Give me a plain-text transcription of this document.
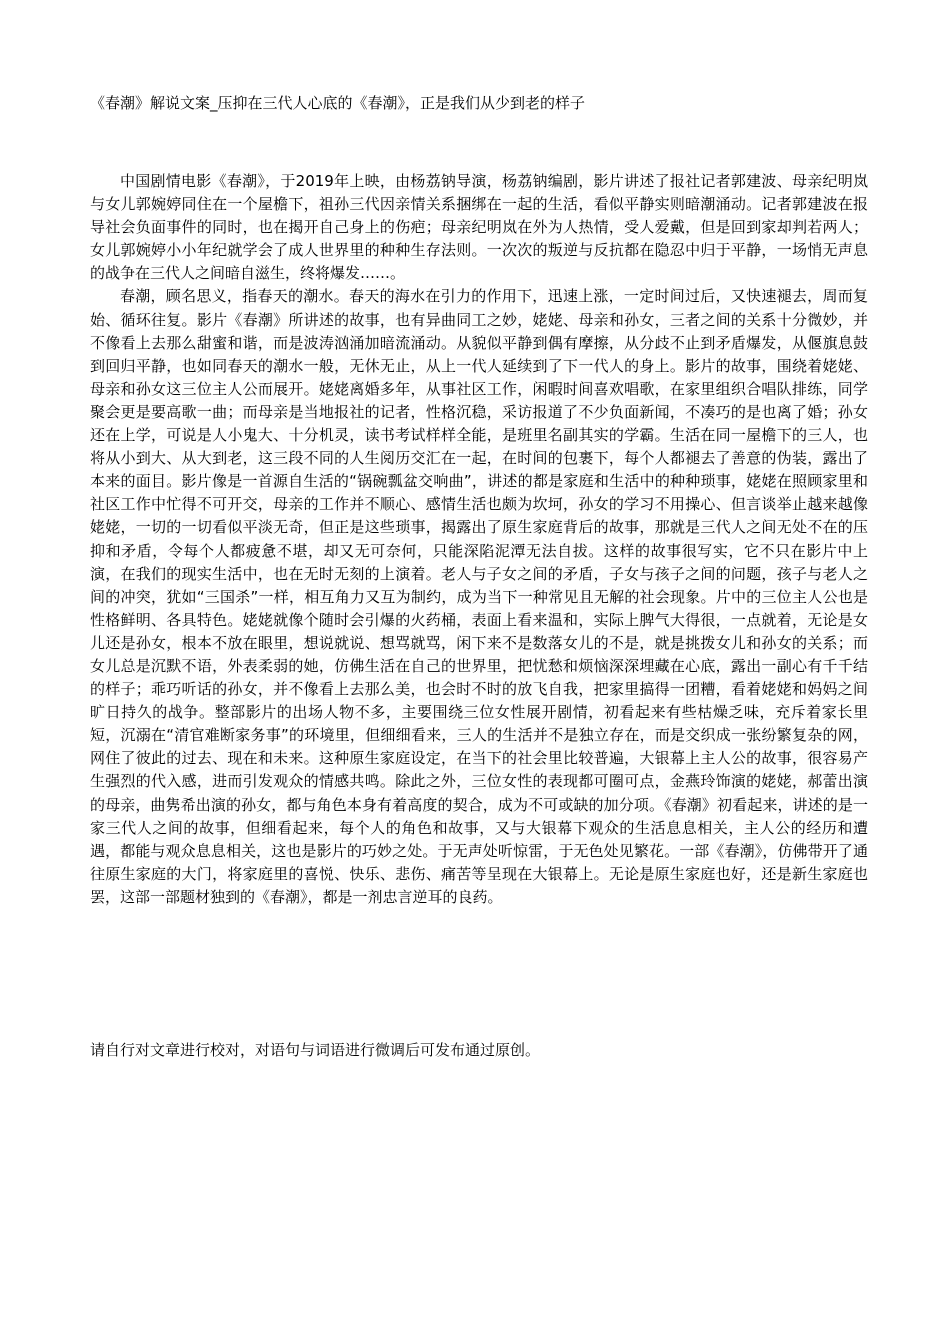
《春潮》解说文案_压抑在三代人心底的《春潮》，正是我们从少到老的样子

中国剧情电影《春潮》，于2019年上映，由杨荔钠导演，杨荔钠编剧，影片讲述了报社记者郭建波、母亲纪明岚与女儿郭婉婷同住在一个屋檐下，祖孙三代因亲情关系捆绑在一起的生活，看似平静实则暗潮涌动。记者郭建波在报导社会负面事件的同时，也在揭开自己身上的伤疤；母亲纪明岚在外为人热情，受人爱戴，但是回到家却判若两人；女儿郭婉婷小小年纪就学会了成人世界里的种种生存法则。一次次的叛逆与反抗都在隐忍中归于平静，一场悄无声息的战争在三代人之间暗自滋生，终将爆发……。

春潮，顾名思义，指春天的潮水。春天的海水在引力的作用下，迅速上涨，一定时间过后，又快速褪去，周而复始、循环往复。影片《春潮》所讲述的故事，也有异曲同工之妙，姥姥、母亲和孙女，三者之间的关系十分微妙，并不像看上去那么甜蜜和谐，而是波涛汹涌加暗流涌动。从貌似平静到偶有摩擦，从分歧不止到矛盾爆发，从偃旗息鼓到回归平静，也如同春天的潮水一般，无休无止，从上一代人延续到了下一代人的身上。影片的故事，围绕着姥姥、母亲和孙女这三位主人公而展开。姥姥离婚多年，从事社区工作，闲暇时间喜欢唱歌，在家里组织合唱队排练，同学聚会更是要高歌一曲；而母亲是当地报社的记者，性格沉稳，采访报道了不少负面新闻，不凑巧的是也离了婚；孙女还在上学，可说是人小鬼大、十分机灵，读书考试样样全能，是班里名副其实的学霸。生活在同一屋檐下的三人，也将从小到大、从大到老，这三段不同的人生阅历交汇在一起，在时间的包裹下，每个人都褪去了善意的伪装，露出了本来的面目。影片像是一首源自生活的“锅碗瓢盆交响曲”，讲述的都是家庭和生活中的种种琐事，姥姥在照顾家里和社区工作中忙得不可开交，母亲的工作并不顺心、感情生活也颇为坎坷，孙女的学习不用操心、但言谈举止越来越像姥姥，一切的一切看似平淡无奇，但正是这些琐事，揭露出了原生家庭背后的故事，那就是三代人之间无处不在的压抑和矛盾，令每个人都疲惫不堪，却又无可奈何，只能深陷泥潭无法自拔。这样的故事很写实，它不只在影片中上演，在我们的现实生活中，也在无时无刻的上演着。老人与子女之间的矛盾，子女与孩子之间的问题，孩子与老人之间的冲突，犹如“三国杀”一样，相互角力又互为制约，成为当下一种常见且无解的社会现象。片中的三位主人公也是性格鲜明、各具特色。姥姥就像个随时会引爆的火药桶，表面上看来温和，实际上脾气大得很，一点就着，无论是女儿还是孙女，根本不放在眼里，想说就说、想骂就骂，闲下来不是数落女儿的不是，就是挑拨女儿和孙女的关系；而女儿总是沉默不语，外表柔弱的她，仿佛生活在自己的世界里，把忧愁和烦恼深深埋藏在心底，露出一副心有千千结的样子；乖巧听话的孙女，并不像看上去那么美，也会时不时的放飞自我，把家里搞得一团糟，看着姥姥和妈妈之间旷日持久的战争。整部影片的出场人物不多，主要围绕三位女性展开剧情，初看起来有些枯燥乏味，充斥着家长里短，沉溺在“清官难断家务事”的环境里，但细细看来，三人的生活并不是独立存在，而是交织成一张纷繁复杂的网，网住了彼此的过去、现在和未来。这种原生家庭设定，在当下的社会里比较普遍，大银幕上主人公的故事，很容易产生强烈的代入感，进而引发观众的情感共鸣。除此之外，三位女性的表现都可圈可点，金燕玲饰演的姥姥，郝蕾出演的母亲，曲隽希出演的孙女，都与角色本身有着高度的契合，成为不可或缺的加分项。《春潮》初看起来，讲述的是一家三代人之间的故事，但细看起来，每个人的角色和故事，又与大银幕下观众的生活息息相关，主人公的经历和遭遇，都能与观众息息相关，这也是影片的巧妙之处。于无声处听惊雷，于无色处见繁花。一部《春潮》，仿佛带开了通往原生家庭的大门，将家庭里的喜悦、快乐、悲伤、痛苦等呈现在大银幕上。无论是原生家庭也好，还是新生家庭也罢，这部一部题材独到的《春潮》，都是一剂忠言逆耳的良药。

请自行对文章进行校对，对语句与词语进行微调后可发布通过原创。
